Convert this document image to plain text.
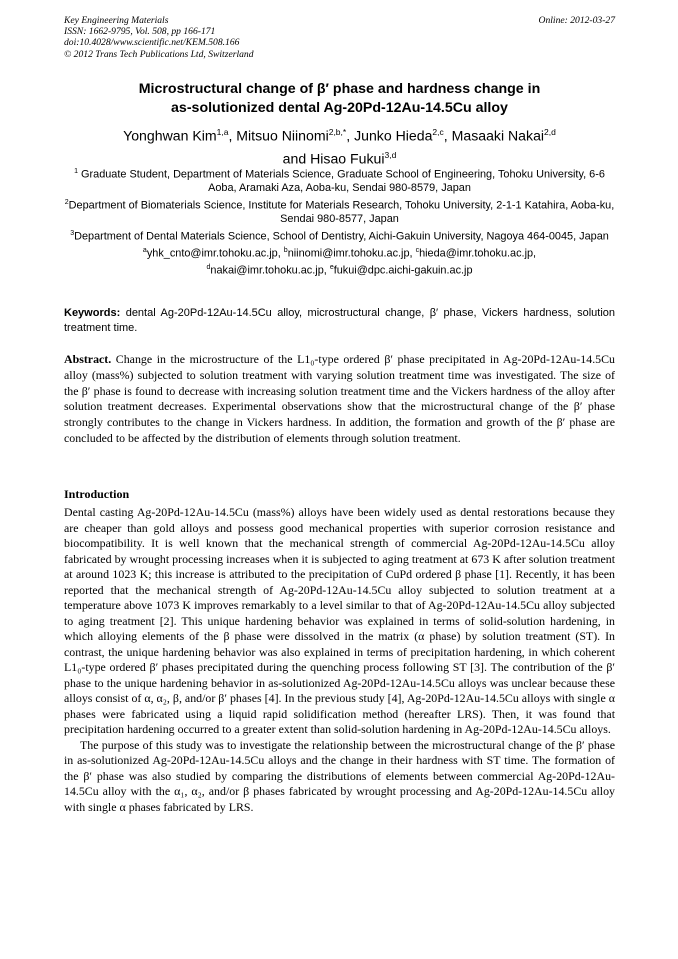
Key Engineering Materials	Online: 2012-03-27
ISSN: 1662-9795, Vol. 508, pp 166-171
doi:10.4028/www.scientific.net/KEM.508.166
© 2012 Trans Tech Publications Ltd, Switzerland
Microstructural change of β′ phase and hardness change in
as-solutionized dental Ag-20Pd-12Au-14.5Cu alloy
Yonghwan Kim$^{1,a}$, Mitsuo Niinomi$^{2,b,*}$, Junko Hieda$^{2,c}$, Masaaki Nakai$^{2,d}$
and Hisao Fukui$^{3,d}$

$^1$ Graduate Student, Department of Materials Science, Graduate School of Engineering, Tohoku University, 6-6 Aoba, Aramaki Aza, Aoba-ku, Sendai 980-8579, Japan

$^2$Department of Biomaterials Science, Institute for Materials Research, Tohoku University, 2-1-1 Katahira, Aoba-ku, Sendai 980-8577, Japan

$^3$Department of Dental Materials Science, School of Dentistry, Aichi-Gakuin University, Nagoya 464-0045, Japan

$^a$yhk_cnto@imr.tohoku.ac.jp, $^b$niinomi@imr.tohoku.ac.jp, $^c$hieda@imr.tohoku.ac.jp,

$^d$nakai@imr.tohoku.ac.jp, $^e$fukui@dpc.aichi-gakuin.ac.jp

Keywords: dental Ag-20Pd-12Au-14.5Cu alloy, microstructural change, β′ phase, Vickers hardness, solution treatment time.
Abstract. Change in the microstructure of the L1₀-type ordered β′ phase precipitated in Ag-20Pd-12Au-14.5Cu alloy (mass%) subjected to solution treatment with varying solution treatment time was investigated. The size of the β′ phase is found to decrease with increasing solution treatment time and the Vickers hardness of the alloy after solution treatment decreases. Experimental observations show that the microstructural change of the β′ phase strongly contributes to the change in Vickers hardness. In addition, the formation and growth of the β′ phase are concluded to be affected by the distribution of elements through solution treatment.
Introduction

Dental casting Ag-20Pd-12Au-14.5Cu (mass%) alloys have been widely used as dental restorations because they are cheaper than gold alloys and possess good mechanical properties with superior corrosion resistance and biocompatibility. It is well known that the mechanical strength of commercial Ag-20Pd-12Au-14.5Cu alloy fabricated by wrought processing increases when it is subjected to aging treatment at 673 K after solution treatment at around 1023 K; this increase is attributed to the precipitation of CuPd ordered β phase [1]. Recently, it has been reported that the mechanical strength of Ag-20Pd-12Au-14.5Cu alloy subjected to solution treatment at a temperature above 1073 K improves remarkably to a level similar to that of Ag-20Pd-12Au-14.5Cu alloy subjected to aging treatment [2]. This unique hardening behavior was explained in terms of solid-solution hardening, in which alloying elements of the β phase were dissolved in the matrix (α phase) by solution treatment (ST). In contrast, the unique hardening behavior was also explained in terms of precipitation hardening, in which coherent L1₀-type ordered β′ phases precipitated during the quenching process following ST [3]. The contribution of the β′ phase to the unique hardening behavior in as-solutionized Ag-20Pd-12Au-14.5Cu alloys was unclear because these alloys consist of α, α₂, β, and/or β′ phases [4]. In the previous study [4], Ag-20Pd-12Au-14.5Cu alloys with single α phases were fabricated using a liquid rapid solidification method (hereafter LRS). Then, it was found that precipitation hardening occurred to a greater extent than solid-solution hardening in Ag-20Pd-12Au-14.5Cu alloys.

The purpose of this study was to investigate the relationship between the microstructural change of the β′ phase in as-solutionized Ag-20Pd-12Au-14.5Cu alloys and the change in their hardness with ST time. The formation of the β′ phase was also studied by comparing the distributions of elements between commercial Ag-20Pd-12Au-14.5Cu alloy with the α₁, α₂, and/or β phases fabricated by wrought processing and Ag-20Pd-12Au-14.5Cu alloy with single α phases fabricated by LRS.
